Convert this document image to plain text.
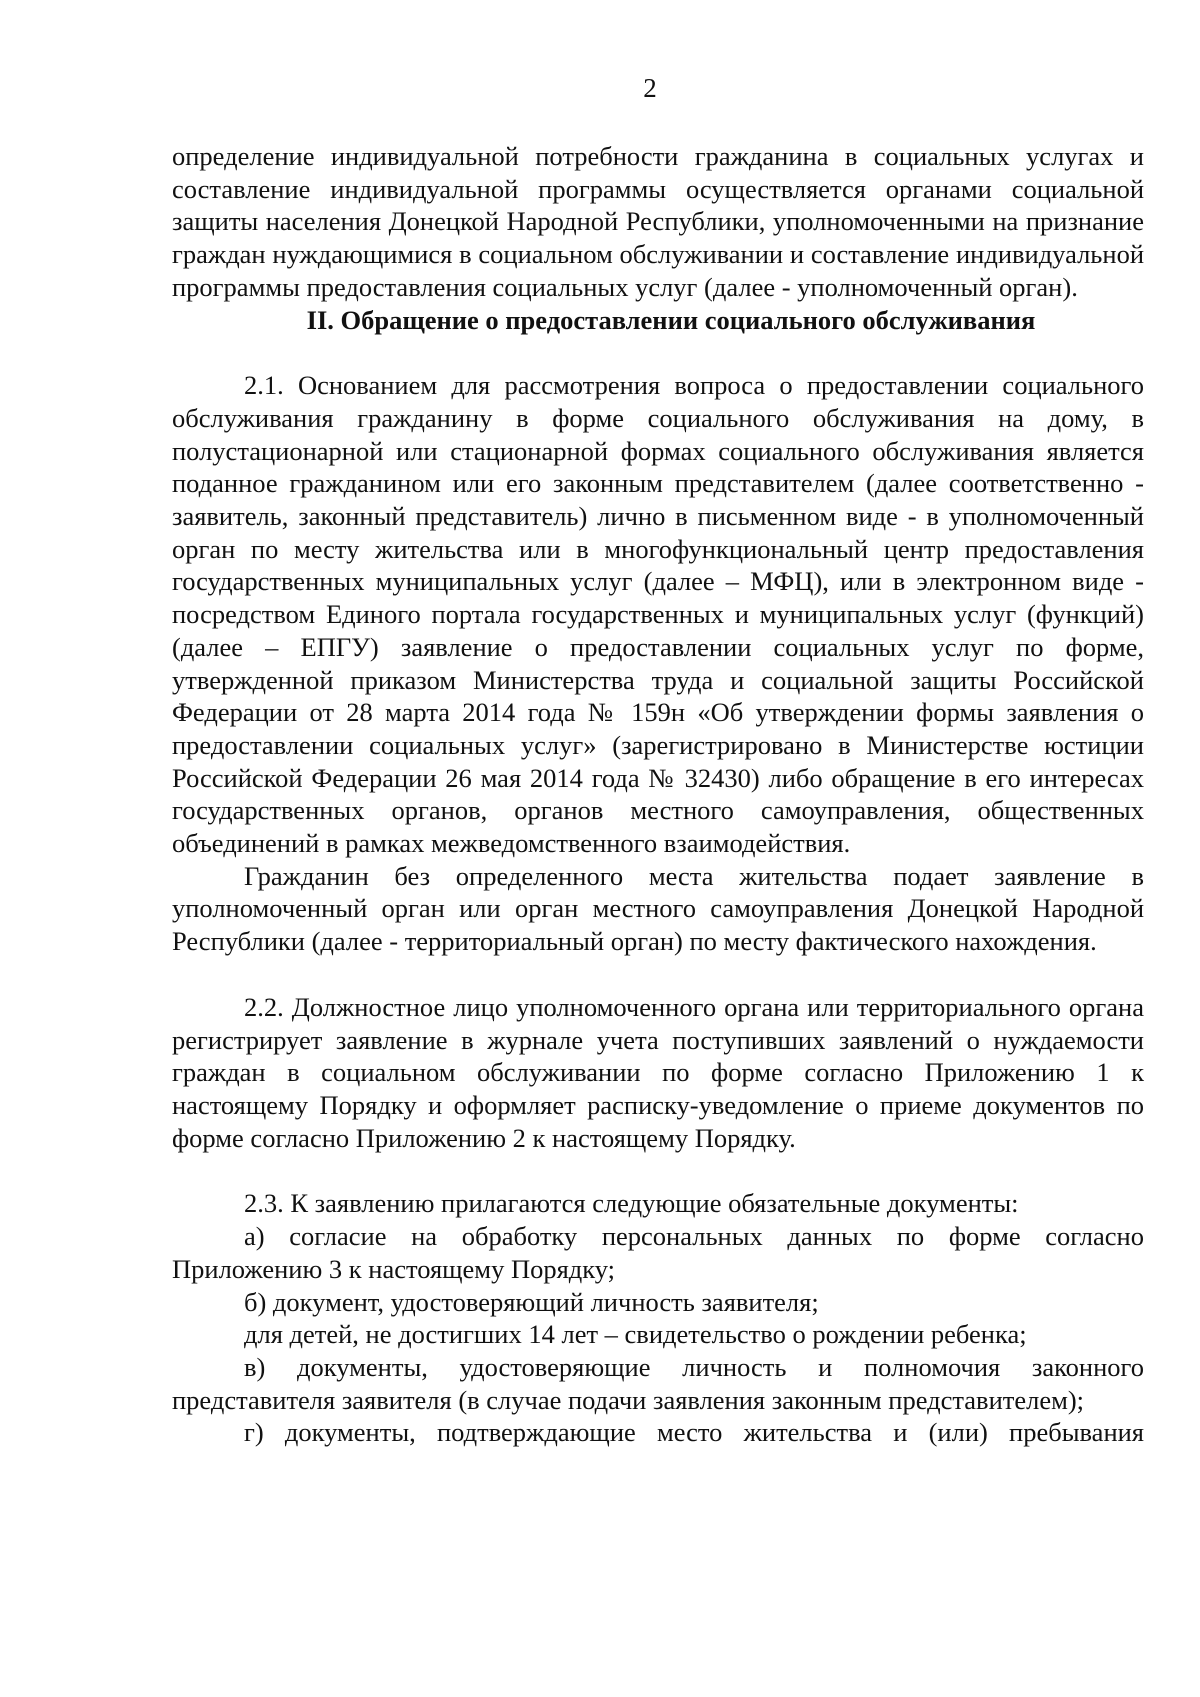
2

определение индивидуальной потребности гражданина в социальных услугах и составление индивидуальной программы осуществляется органами социальной защиты населения Донецкой Народной Республики, уполномоченными на признание граждан нуждающимися в социальном обслуживании и составление индивидуальной программы предоставления социальных услуг (далее - уполномоченный орган).

II. Обращение о предоставлении социального обслуживания

2.1. Основанием для рассмотрения вопроса о предоставлении социального обслуживания гражданину в форме социального обслуживания на дому, в полустационарной или стационарной формах социального обслуживания является поданное гражданином или его законным представителем (далее соответственно - заявитель, законный представитель) лично в письменном виде - в уполномоченный орган по месту жительства или в многофункциональный центр предоставления государственных муниципальных услуг (далее – МФЦ), или в электронном виде - посредством Единого портала государственных и муниципальных услуг (функций) (далее – ЕПГУ) заявление о предоставлении социальных услуг по форме, утвержденной приказом Министерства труда и социальной защиты Российской Федерации от 28 марта 2014 года № 159н «Об утверждении формы заявления о предоставлении социальных услуг» (зарегистрировано в Министерстве юстиции Российской Федерации 26 мая 2014 года № 32430) либо обращение в его интересах государственных органов, органов местного самоуправления, общественных объединений в рамках межведомственного взаимодействия.

Гражданин без определенного места жительства подает заявление в уполномоченный орган или орган местного самоуправления Донецкой Народной Республики (далее - территориальный орган) по месту фактического нахождения.

2.2. Должностное лицо уполномоченного органа или территориального органа регистрирует заявление в журнале учета поступивших заявлений о нуждаемости граждан в социальном обслуживании по форме согласно Приложению 1 к настоящему Порядку и оформляет расписку-уведомление о приеме документов по форме согласно Приложению 2 к настоящему Порядку.

2.3. К заявлению прилагаются следующие обязательные документы:

а) согласие на обработку персональных данных по форме согласно Приложению 3 к настоящему Порядку;

б) документ, удостоверяющий личность заявителя;

для детей, не достигших 14 лет – свидетельство о рождении ребенка;

в) документы, удостоверяющие личность и полномочия законного представителя заявителя (в случае подачи заявления законным представителем);

г) документы, подтверждающие место жительства и (или) пребывания
